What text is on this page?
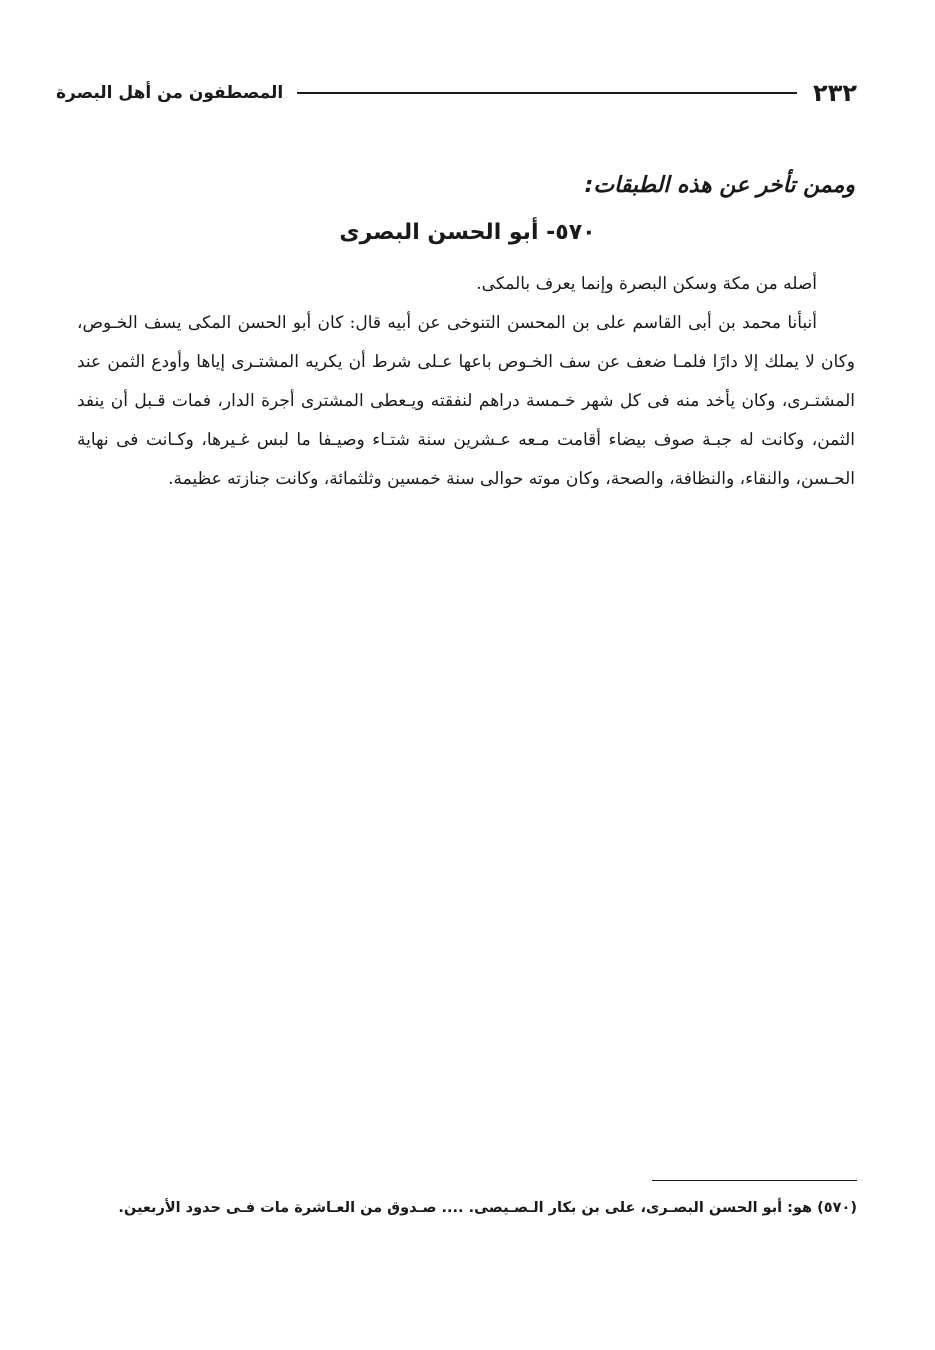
٢٣٢
المصطفون من أهل البصرة
وممن تأخر عن هذه الطبقات:
٥٧٠- أبو الحسن البصرى

أصله من مكة وسكن البصرة وإنما يعرف بالمكى.

أنبأنا محمد بن أبى القاسم على بن المحسن التنوخى عن أبيه قال: كان أبو الحسن المكى يسف الخـوص، وكان لا يملك إلا دارًا فلمـا ضعف عن سف الخـوص باعها عـلى شرط أن يكريه المشتـرى إياها وأودع الثمن عند المشتـرى، وكان يأخد منه فى كل شهر خـمسة دراهم لنفقته ويـعطى المشترى أجرة الدار، فمات قـبل أن ينفد الثمن، وكانت له جبـة صوف بيضاء أقامت مـعه عـشرين سنة شتـاء وصيـفا ما لبس غـيرها، وكـانت فى نهاية الحـسن، والنقاء، والنظافة، والصحة، وكان موته حوالى سنة خمسين وثلثمائة، وكانت جنازته عظيمة.

(٥٧٠) هو: أبو الحسن البصـرى، على بن بكار الـصـيصى. .... صـدوق من العـاشرة مات فـى حدود الأربعين.
